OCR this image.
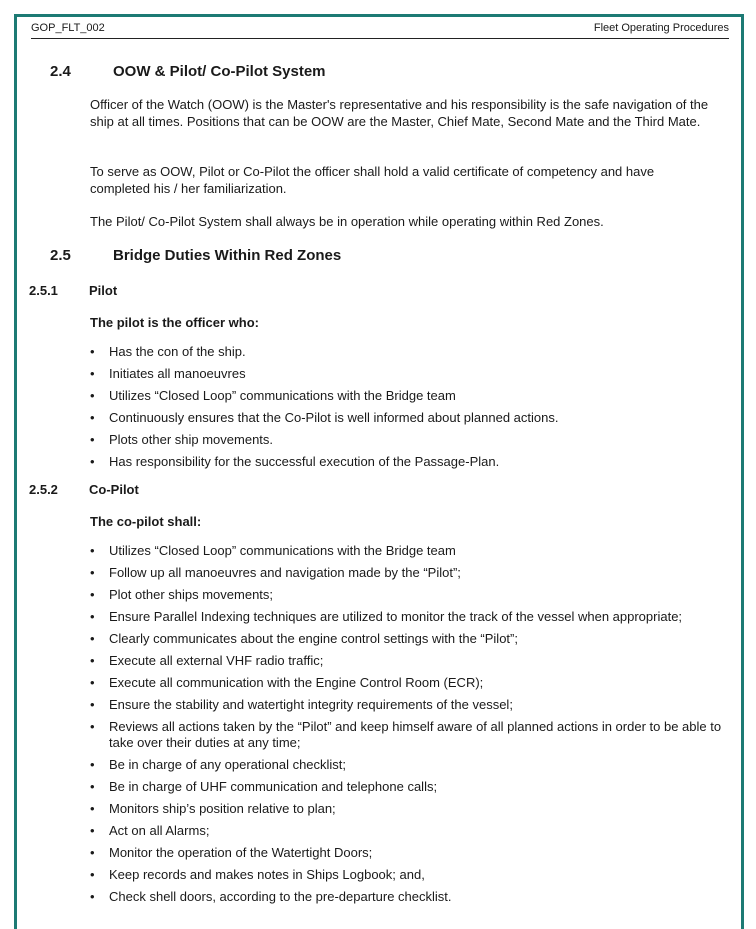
GOP_FLT_002	Fleet Operating Procedures
2.4	OOW & Pilot/ Co-Pilot System
Officer of the Watch (OOW) is the Master's representative and his responsibility is the safe navigation of the ship at all times. Positions that can be OOW are the Master, Chief Mate, Second Mate and the Third Mate.
To serve as OOW, Pilot or Co-Pilot the officer shall hold a valid certificate of competency and have completed his / her familiarization.
The Pilot/ Co-Pilot System shall always be in operation while operating within Red Zones.
2.5	Bridge Duties Within Red Zones
2.5.1 Pilot
The pilot is the officer who:
• Has the con of the ship.
• Initiates all manoeuvres
• Utilizes “Closed Loop” communications with the Bridge team
• Continuously ensures that the Co-Pilot is well informed about planned actions.
• Plots other ship movements.
• Has responsibility for the successful execution of the Passage-Plan.
2.5.2 Co-Pilot
The co-pilot shall:
• Utilizes “Closed Loop” communications with the Bridge team
• Follow up all manoeuvres and navigation made by the “Pilot”;
• Plot other ships movements;
• Ensure Parallel Indexing techniques are utilized to monitor the track of the vessel when appropriate;
• Clearly communicates about the engine control settings with the “Pilot”;
• Execute all external VHF radio traffic;
• Execute all communication with the Engine Control Room (ECR);
• Ensure the stability and watertight integrity requirements of the vessel;
• Reviews all actions taken by the “Pilot” and keep himself aware of all planned actions in order to be able to take over their duties at any time;
• Be in charge of any operational checklist;
• Be in charge of UHF communication and telephone calls;
• Monitors ship’s position relative to plan;
• Act on all Alarms;
• Monitor the operation of the Watertight Doors;
• Keep records and makes notes in Ships Logbook; and,
• Check shell doors, according to the pre-departure checklist.
